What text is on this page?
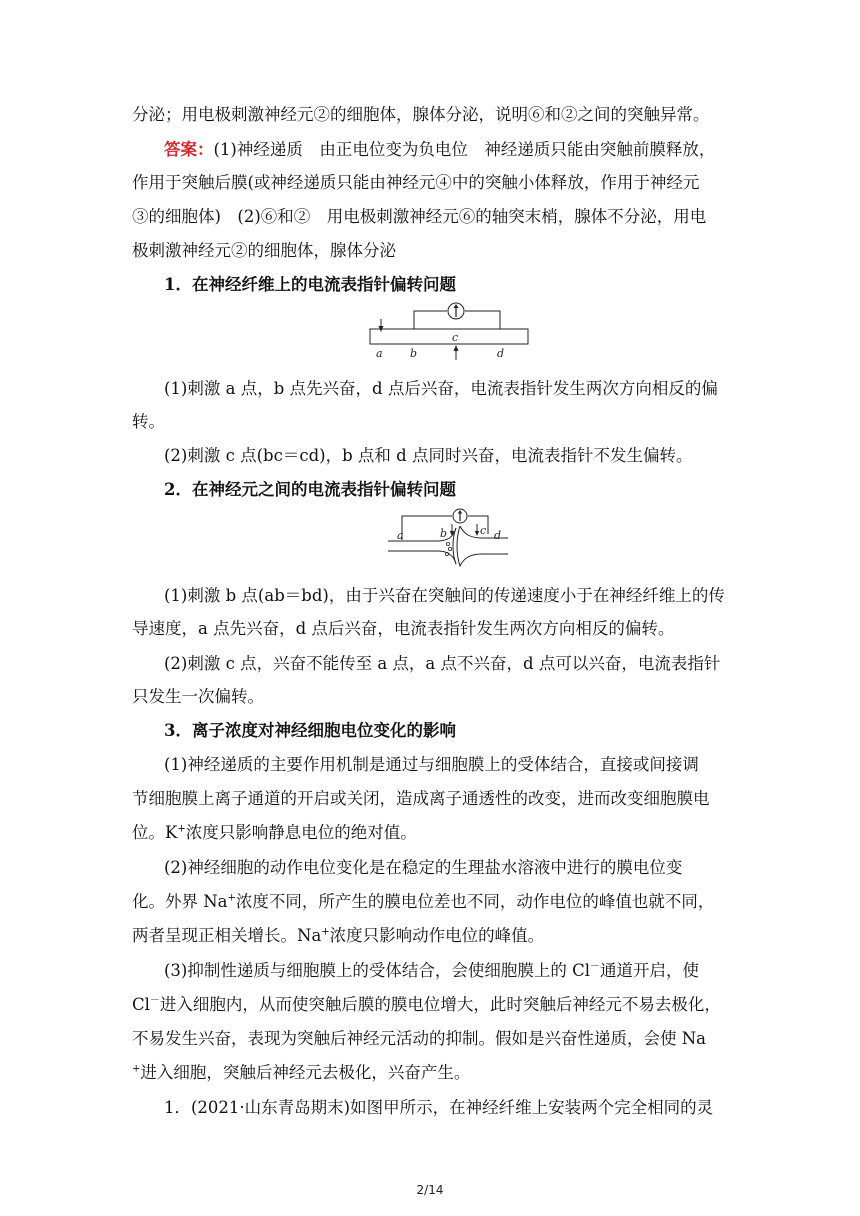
分泌；用电极刺激神经元②的细胞体，腺体分泌，说明⑥和②之间的突触异常。
答案：(1)神经递质　由正电位变为负电位　神经递质只能由突触前膜释放，
作用于突触后膜(或神经递质只能由神经元④中的突触小体释放，作用于神经元
③的细胞体)　(2)⑥和②　用电极刺激神经元⑥的轴突末梢，腺体不分泌，用电
极刺激神经元②的细胞体，腺体分泌
1．在神经纤维上的电流表指针偏转问题
a b
c
d
(1)刺激 a 点，b 点先兴奋，d 点后兴奋，电流表指针发生两次方向相反的偏
转。
(2)刺激 c 点(bc＝cd)，b 点和 d 点同时兴奋，电流表指针不发生偏转。
2．在神经元之间的电流表指针偏转问题
a	b	c d
(1)刺激 b 点(ab＝bd)，由于兴奋在突触间的传递速度小于在神经纤维上的传
导速度，a 点先兴奋，d 点后兴奋，电流表指针发生两次方向相反的偏转。
(2)刺激 c 点，兴奋不能传至 a 点，a 点不兴奋，d 点可以兴奋，电流表指针
只发生一次偏转。
3．离子浓度对神经细胞电位变化的影响
(1)神经递质的主要作用机制是通过与细胞膜上的受体结合，直接或间接调
节细胞膜上离子通道的开启或关闭，造成离子通透性的改变，进而改变细胞膜电
位。K+浓度只影响静息电位的绝对值。
(2)神经细胞的动作电位变化是在稳定的生理盐水溶液中进行的膜电位变
化。外界 Na+浓度不同，所产生的膜电位差也不同，动作电位的峰值也就不同，
两者呈现正相关增长。Na+浓度只影响动作电位的峰值。
(3)抑制性递质与细胞膜上的受体结合，会使细胞膜上的 Cl－通道开启，使
Cl－进入细胞内，从而使突触后膜的膜电位增大，此时突触后神经元不易去极化，
不易发生兴奋，表现为突触后神经元活动的抑制。假如是兴奋性递质，会使 Na
+进入细胞，突触后神经元去极化，兴奋产生。
1．(2021·山东青岛期末)如图甲所示，在神经纤维上安装两个完全相同的灵
2/14
